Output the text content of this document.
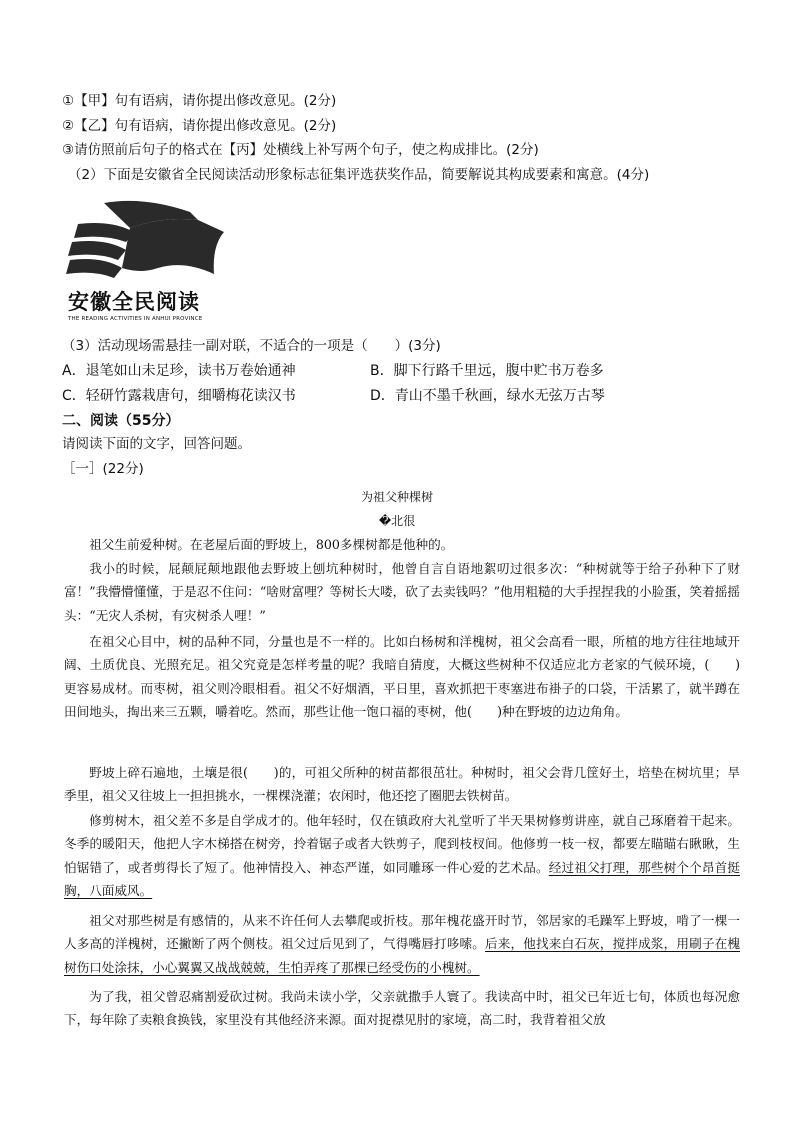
①【甲】句有语病，请你提出修改意见。(2分)
②【乙】句有语病，请你提出修改意见。(2分)
③请仿照前后句子的格式在【丙】处横线上补写两个句子，使之构成排比。(2分)
（2）下面是安徽省全民阅读活动形象标志征集评选获奖作品，简要解说其构成要素和寓意。(4分)
安徽全民阅读
THE READING ACTIVITIES IN ANHUI PROVINCE
（3）活动现场需悬挂一副对联，不适合的一项是（　　）(3分)
A．退笔如山未足珍，读书万卷始通神	B．脚下行路千里远，腹中贮书万卷多
C．轻研竹露栽唐句，细嚼梅花读汉书	D．青山不墨千秋画，绿水无弦万古琴
二、阅读（55分）
请阅读下面的文字，回答问题。
［一］(22分)
为祖父种棵树
�北很
祖父生前爱种树。在老屋后面的野坡上，800多棵树都是他种的。
我小的时候，屁颠屁颠地跟他去野坡上刨坑种树时，他曾自言自语地絮叨过很多次：“种树就等于给子孙种下了财富！”我懵懵懂懂，于是忍不住问：“啥财富哩？等树长大喽，砍了去卖钱吗？”他用粗糙的大手捏捏我的小脸蛋，笑着摇摇头：“无灾人杀树，有灾树杀人哩！”
在祖父心目中，树的品种不同，分量也是不一样的。比如白杨树和洋槐树，祖父会高看一眼，所植的地方往往地域开阔、土质优良、光照充足。祖父究竟是怎样考量的呢？我暗自猜度，大概这些树种不仅适应北方老家的气候环境，(　　)更容易成材。而枣树，祖父则冷眼相看。祖父不好烟酒，平日里，喜欢抓把干枣塞进布褂子的口袋，干活累了，就半蹲在田间地头，掏出来三五颗，嚼着吃。然而，那些让他一饱口福的枣树，他(　　)种在野坡的边边角角。
野坡上碎石遍地，土壤是很(　　)的，可祖父所种的树苗都很茁壮。种树时，祖父会背几筐好土，培垫在树坑里；旱季里，祖父又往坡上一担担挑水，一棵棵浇灌；农闲时，他还挖了圈肥去铁树苗。
修剪树木，祖父差不多是自学成才的。他年轻时，仅在镇政府大礼堂听了半天果树修剪讲座，就自己琢磨着干起来。冬季的暖阳天，他把人字木梯搭在树旁，拎着锯子或者大铁剪子，爬到枝杈间。他修剪一枝一杈，都要左瞄瞄右瞅瞅，生怕锯错了，或者剪得长了短了。他神情投入、神态严谨，如同雕琢一件心爱的艺术品。经过祖父打理，那些树个个昂首挺胸，八面威风。
祖父对那些树是有感情的，从来不许任何人去攀爬或折枝。那年槐花盛开时节，邻居家的毛躁军上野坡，啃了一棵一人多高的洋槐树，还撇断了两个侧枝。祖父过后见到了，气得嘴唇打哆嗦。后来，他找来白石灰，搅拌成浆，用刷子在槐树伤口处涂抹，小心翼翼又战战兢兢，生怕弄疼了那棵已经受伤的小槐树。
为了我，祖父曾忍痛割爱砍过树。我尚未读小学，父亲就撒手人寰了。我读高中时，祖父已年近七旬，体质也每况愈下，每年除了卖粮食换钱，家里没有其他经济来源。面对捉襟见肘的家境，高二时，我背着祖父放
